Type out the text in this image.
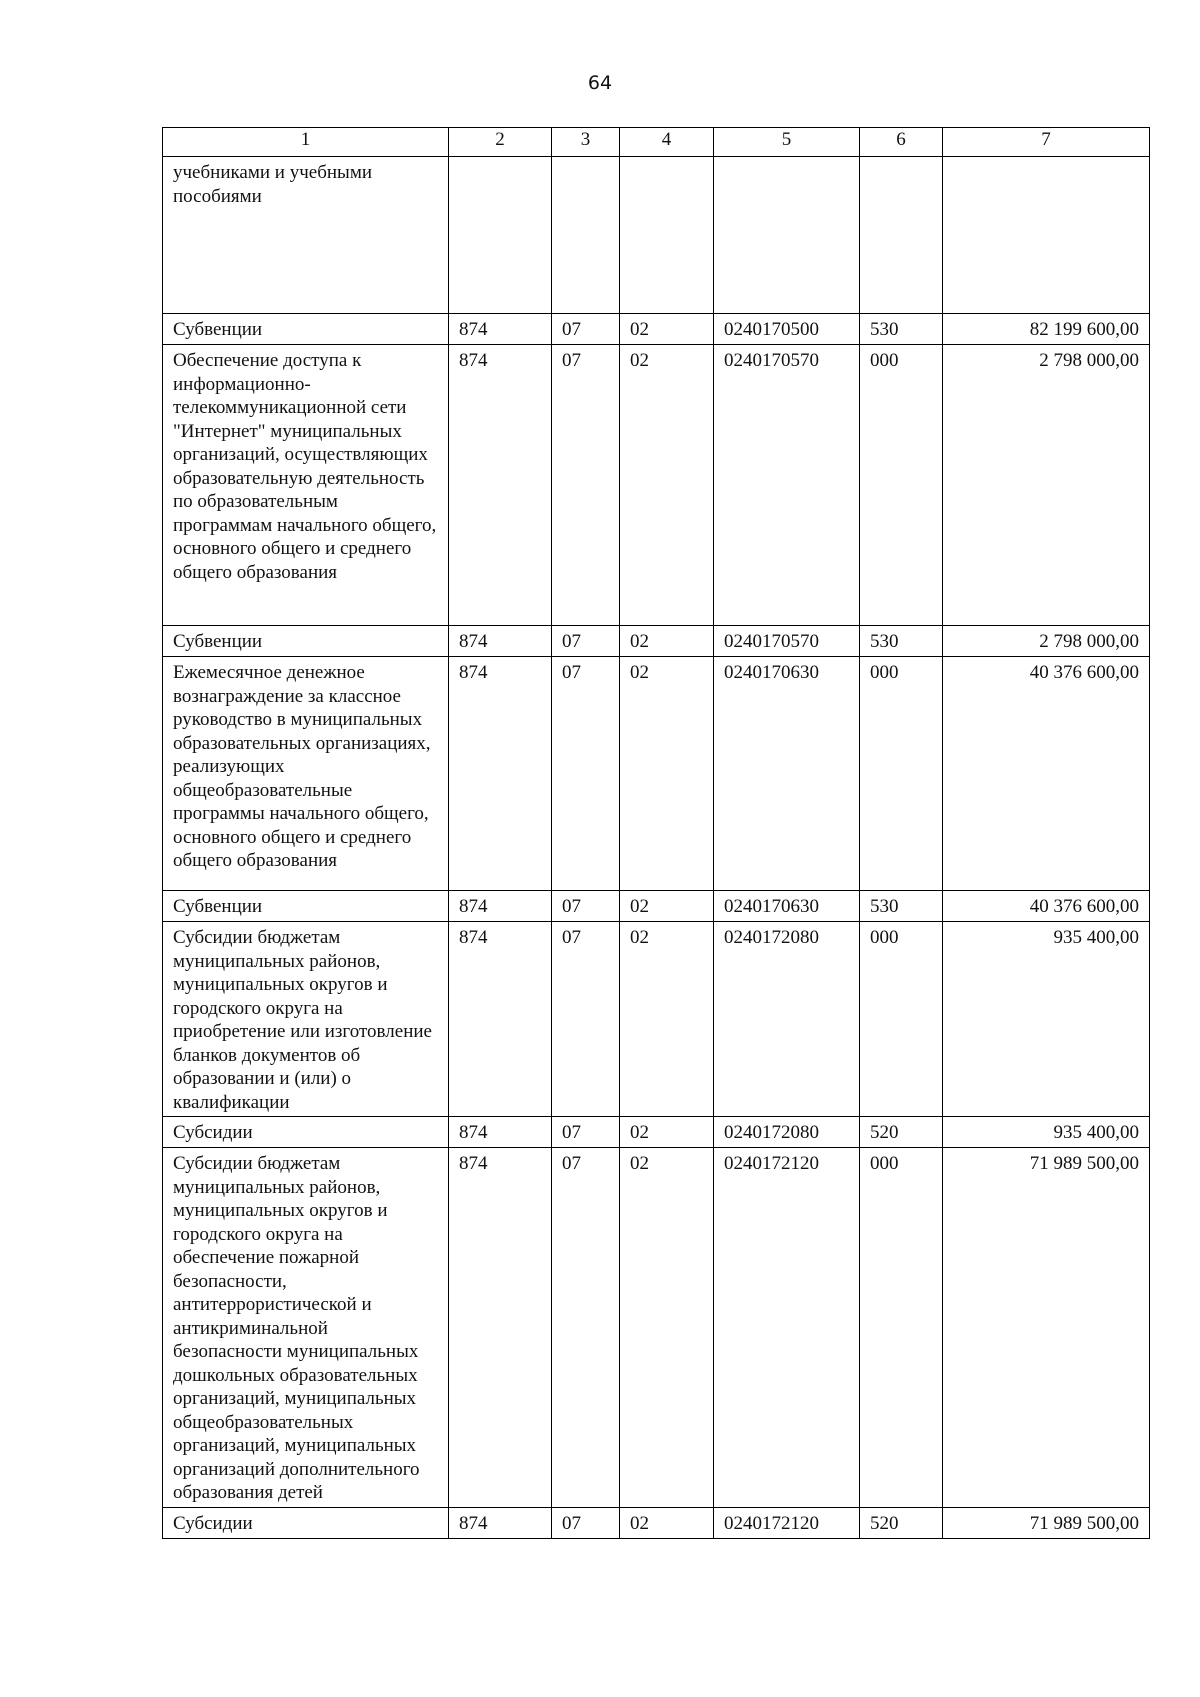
64
1	2	3	4	5	6	7
учебниками и учебными пособиями						
Субвенции	874	07	02	0240170500	530	82 199 600,00
Обеспечение доступа к информационно-телекоммуникационной сети "Интернет" муниципальных организаций, осуществляющих образовательную деятельность по образовательным программам начального общего, основного общего и среднего общего образования	874	07	02	0240170570	000	2 798 000,00
Субвенции	874	07	02	0240170570	530	2 798 000,00
Ежемесячное денежное вознаграждение за классное руководство в муниципальных образовательных организациях, реализующих общеобразовательные программы начального общего, основного общего и среднего общего образования	874	07	02	0240170630	000	40 376 600,00
Субвенции	874	07	02	0240170630	530	40 376 600,00
Субсидии бюджетам муниципальных районов, муниципальных округов и городского округа на приобретение или изготовление бланков документов об образовании и (или) о квалификации	874	07	02	0240172080	000	935 400,00
Субсидии	874	07	02	0240172080	520	935 400,00
Субсидии бюджетам муниципальных районов, муниципальных округов и городского округа на обеспечение пожарной безопасности, антитеррористической и антикриминальной безопасности муниципальных дошкольных образовательных организаций, муниципальных общеобразовательных организаций, муниципальных организаций дополнительного образования детей	874	07	02	0240172120	000	71 989 500,00
Субсидии	874	07	02	0240172120	520	71 989 500,00
